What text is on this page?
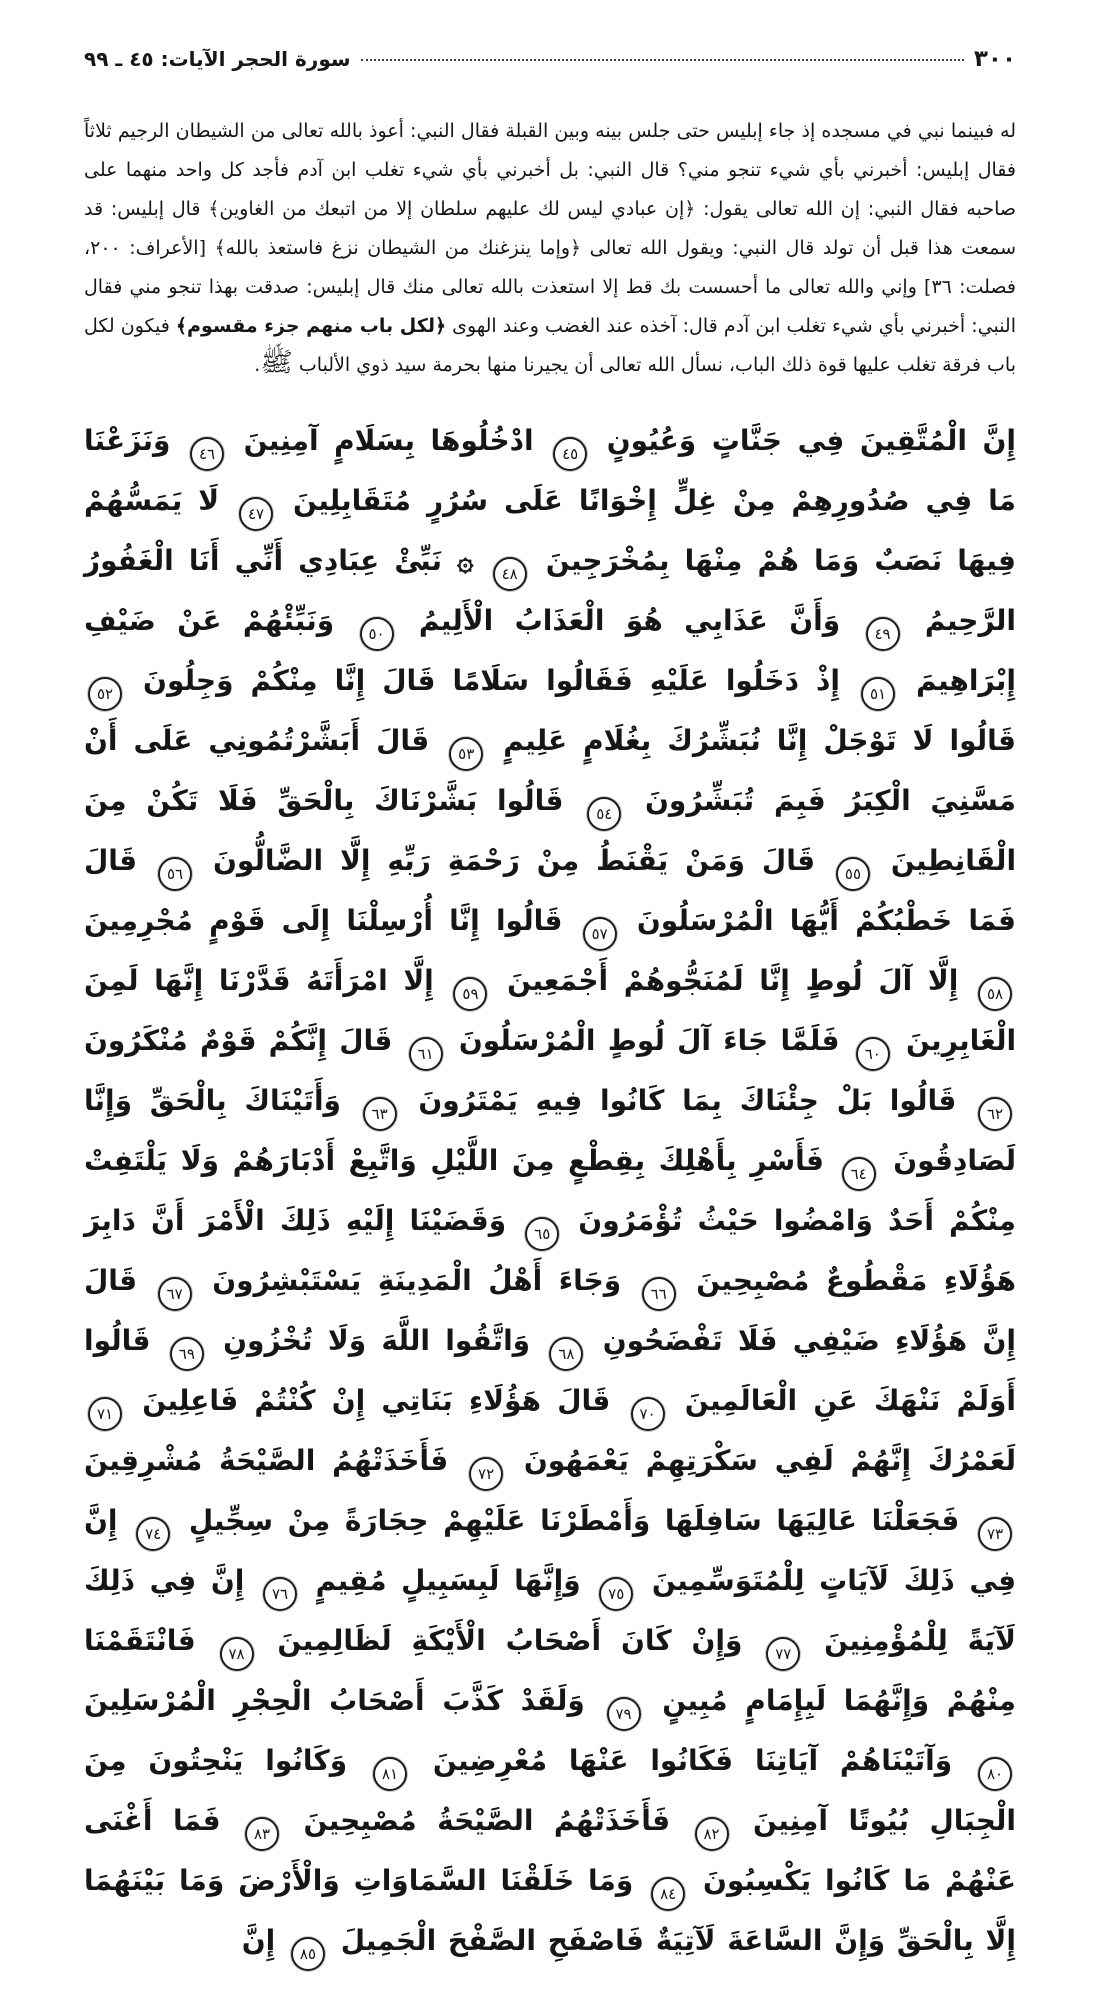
٣٠٠
سورة الحجر الآيات: ٤٥ ـ ٩٩

له فبينما نبي في مسجده إذ جاء إبليس حتى جلس بينه وبين القبلة فقال النبي: أعوذ بالله تعالى من الشيطان الرجيم ثلاثاً فقال إبليس: أخبرني بأي شيء تنجو مني؟ قال النبي: بل أخبرني بأي شيء تغلب ابن آدم فأجد كل واحد منهما على صاحبه فقال النبي: إن الله تعالى يقول: ﴿إن عبادي ليس لك عليهم سلطان إلا من اتبعك من الغاوين﴾ قال إبليس: قد سمعت هذا قبل أن تولد قال النبي: ويقول الله تعالى ﴿وإما ينزغنك من الشيطان نزغ فاستعذ بالله﴾ [الأعراف: ٢٠٠، فصلت: ٣٦] وإني والله تعالى ما أحسست بك قط إلا استعذت بالله تعالى منك قال إبليس: صدقت بهذا تنجو مني فقال النبي: أخبرني بأي شيء تغلب ابن آدم قال: آخذه عند الغضب وعند الهوى ﴿لكل باب منهم جزء مقسوم﴾ فيكون لكل باب فرقة تغلب عليها قوة ذلك الباب، نسأل الله تعالى أن يجيرنا منها بحرمة سيد ذوي الألباب ﷺ.

إِنَّ الْمُتَّقِينَ فِي جَنَّاتٍ وَعُيُونٍ ٤٥ ادْخُلُوهَا بِسَلَامٍ آمِنِينَ ٤٦ وَنَزَعْنَا مَا فِي صُدُورِهِمْ مِنْ غِلٍّ إِخْوَانًا عَلَى سُرُرٍ مُتَقَابِلِينَ ٤٧ لَا يَمَسُّهُمْ فِيهَا نَصَبٌ وَمَا هُمْ مِنْهَا بِمُخْرَجِينَ ٤٨ ۞ نَبِّئْ عِبَادِي أَنِّي أَنَا الْغَفُورُ الرَّحِيمُ ٤٩ وَأَنَّ عَذَابِي هُوَ الْعَذَابُ الْأَلِيمُ ٥٠ وَنَبِّئْهُمْ عَنْ ضَيْفِ إِبْرَاهِيمَ ٥١ إِذْ دَخَلُوا عَلَيْهِ فَقَالُوا سَلَامًا قَالَ إِنَّا مِنْكُمْ وَجِلُونَ ٥٢ قَالُوا لَا تَوْجَلْ إِنَّا نُبَشِّرُكَ بِغُلَامٍ عَلِيمٍ ٥٣ قَالَ أَبَشَّرْتُمُونِي عَلَى أَنْ مَسَّنِيَ الْكِبَرُ فَبِمَ تُبَشِّرُونَ ٥٤ قَالُوا بَشَّرْنَاكَ بِالْحَقِّ فَلَا تَكُنْ مِنَ الْقَانِطِينَ ٥٥ قَالَ وَمَنْ يَقْنَطُ مِنْ رَحْمَةِ رَبِّهِ إِلَّا الضَّالُّونَ ٥٦ قَالَ فَمَا خَطْبُكُمْ أَيُّهَا الْمُرْسَلُونَ ٥٧ قَالُوا إِنَّا أُرْسِلْنَا إِلَى قَوْمٍ مُجْرِمِينَ ٥٨ إِلَّا آلَ لُوطٍ إِنَّا لَمُنَجُّوهُمْ أَجْمَعِينَ ٥٩ إِلَّا امْرَأَتَهُ قَدَّرْنَا إِنَّهَا لَمِنَ الْغَابِرِينَ ٦٠ فَلَمَّا جَاءَ آلَ لُوطٍ الْمُرْسَلُونَ ٦١ قَالَ إِنَّكُمْ قَوْمٌ مُنْكَرُونَ ٦٢ قَالُوا بَلْ جِئْنَاكَ بِمَا كَانُوا فِيهِ يَمْتَرُونَ ٦٣ وَأَتَيْنَاكَ بِالْحَقِّ وَإِنَّا لَصَادِقُونَ ٦٤ فَأَسْرِ بِأَهْلِكَ بِقِطْعٍ مِنَ اللَّيْلِ وَاتَّبِعْ أَدْبَارَهُمْ وَلَا يَلْتَفِتْ مِنْكُمْ أَحَدٌ وَامْضُوا حَيْثُ تُؤْمَرُونَ ٦٥ وَقَضَيْنَا إِلَيْهِ ذَلِكَ الْأَمْرَ أَنَّ دَابِرَ هَؤُلَاءِ مَقْطُوعٌ مُصْبِحِينَ ٦٦ وَجَاءَ أَهْلُ الْمَدِينَةِ يَسْتَبْشِرُونَ ٦٧ قَالَ إِنَّ هَؤُلَاءِ ضَيْفِي فَلَا تَفْضَحُونِ ٦٨ وَاتَّقُوا اللَّهَ وَلَا تُخْزُونِ ٦٩ قَالُوا أَوَلَمْ نَنْهَكَ عَنِ الْعَالَمِينَ ٧٠ قَالَ هَؤُلَاءِ بَنَاتِي إِنْ كُنْتُمْ فَاعِلِينَ ٧١ لَعَمْرُكَ إِنَّهُمْ لَفِي سَكْرَتِهِمْ يَعْمَهُونَ ٧٢ فَأَخَذَتْهُمُ الصَّيْحَةُ مُشْرِقِينَ ٧٣ فَجَعَلْنَا عَالِيَهَا سَافِلَهَا وَأَمْطَرْنَا عَلَيْهِمْ حِجَارَةً مِنْ سِجِّيلٍ ٧٤ إِنَّ فِي ذَلِكَ لَآيَاتٍ لِلْمُتَوَسِّمِينَ ٧٥ وَإِنَّهَا لَبِسَبِيلٍ مُقِيمٍ ٧٦ إِنَّ فِي ذَلِكَ لَآيَةً لِلْمُؤْمِنِينَ ٧٧ وَإِنْ كَانَ أَصْحَابُ الْأَيْكَةِ لَظَالِمِينَ ٧٨ فَانْتَقَمْنَا مِنْهُمْ وَإِنَّهُمَا لَبِإِمَامٍ مُبِينٍ ٧٩ وَلَقَدْ كَذَّبَ أَصْحَابُ الْحِجْرِ الْمُرْسَلِينَ ٨٠ وَآتَيْنَاهُمْ آيَاتِنَا فَكَانُوا عَنْهَا مُعْرِضِينَ ٨١ وَكَانُوا يَنْحِتُونَ مِنَ الْجِبَالِ بُيُوتًا آمِنِينَ ٨٢ فَأَخَذَتْهُمُ الصَّيْحَةُ مُصْبِحِينَ ٨٣ فَمَا أَغْنَى عَنْهُمْ مَا كَانُوا يَكْسِبُونَ ٨٤ وَمَا خَلَقْنَا السَّمَاوَاتِ وَالْأَرْضَ وَمَا بَيْنَهُمَا إِلَّا بِالْحَقِّ وَإِنَّ السَّاعَةَ لَآتِيَةٌ فَاصْفَحِ الصَّفْحَ الْجَمِيلَ ٨٥ إِنَّ
